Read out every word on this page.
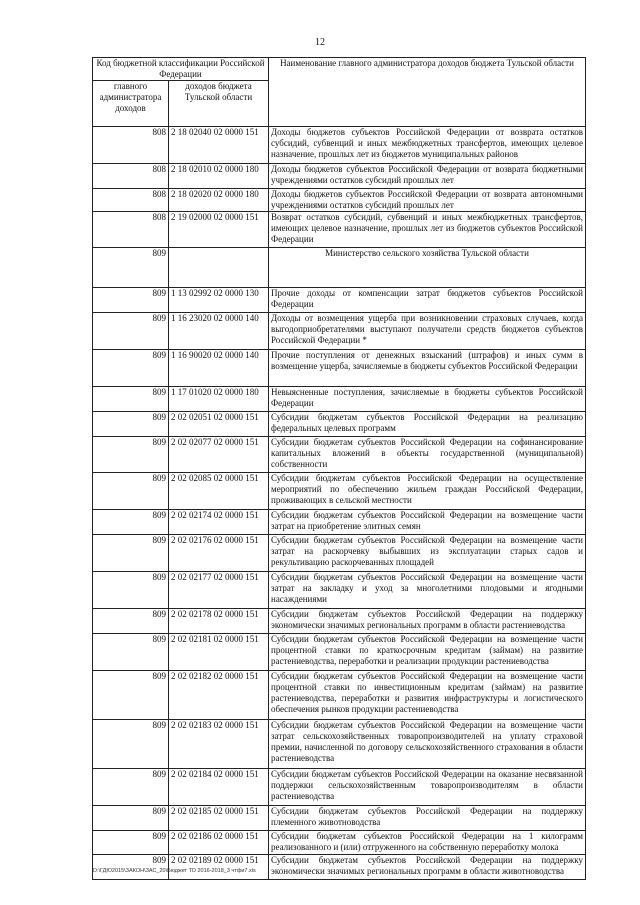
12
Код бюджетной классификации Российской Федерации		Наименование главного администратора доходов бюджета Тульской области
главного администратора доходов	доходов бюджета Тульской области	
808	2 18 02040 02 0000 151	Доходы бюджетов субъектов Российской Федерации от возврата остатков субсидий, субвенций и иных межбюджетных трансфертов, имеющих целевое назначение, прошлых лет из бюджетов муниципальных районов
808	2 18 02010 02 0000 180	Доходы бюджетов субъектов Российской Федерации от возврата бюджетными учреждениями остатков субсидий прошлых лет
808	2 18 02020 02 0000 180	Доходы бюджетов субъектов Российской Федерации от возврата автономными учреждениями остатков субсидий прошлых лет
808	2 19 02000 02 0000 151	Возврат остатков субсидий, субвенций и иных межбюджетных трансфертов, имеющих целевое назначение, прошлых лет из бюджетов субъектов Российской Федерации
809		Министерство сельского хозяйства Тульской области
809	1 13 02992 02 0000 130	Прочие доходы от компенсации затрат бюджетов субъектов Российской Федерации
809	1 16 23020 02 0000 140	Доходы от возмещения ущерба при возникновении страховых случаев, когда выгодоприобретателями выступают получатели средств бюджетов субъектов Российской Федерации *
809	1 16 90020 02 0000 140	Прочие поступления от денежных взысканий (штрафов) и иных сумм в возмещение ущерба, зачисляемые в бюджеты субъектов Российской Федерации
809	1 17 01020 02 0000 180	Невыясненные поступления, зачисляемые в бюджеты субъектов Российской Федерации
809	2 02 02051 02 0000 151	Субсидии бюджетам субъектов Российской Федерации на реализацию федеральных целевых программ
809	2 02 02077 02 0000 151	Субсидии бюджетам субъектов Российской Федерации на софинансирование капитальных вложений в объекты государственной (муниципальной) собственности
809	2 02 02085 02 0000 151	Субсидии бюджетам субъектов Российской Федерации на осуществление мероприятий по обеспечению жильем граждан Российской Федерации, проживающих в сельской местности
809	2 02 02174 02 0000 151	Субсидии бюджетам субъектов Российской Федерации на возмещение части затрат на приобретение элитных семян
809	2 02 02176 02 0000 151	Субсидии бюджетам субъектов Российской Федерации на возмещение части затрат на раскорчевку выбывших из эксплуатации старых садов и рекультивацию раскорчеванных площадей
809	2 02 02177 02 0000 151	Субсидии бюджетам субъектов Российской Федерации на возмещение части затрат на закладку и уход за многолетними плодовыми и ягодными насаждениями
809	2 02 02178 02 0000 151	Субсидии бюджетам субъектов Российской Федерации на поддержку экономически значимых региональных программ в области растениеводства
809	2 02 02181 02 0000 151	Субсидии бюджетам субъектов Российской Федерации на возмещение части процентной ставки по краткосрочным кредитам (займам) на развитие растениеводства, переработки и реализации продукции растениеводства
809	2 02 02182 02 0000 151	Субсидии бюджетам субъектов Российской Федерации на возмещение части процентной ставки по инвестиционным кредитам (займам) на развитие растениеводства, переработки и развития инфраструктуры и логистического обеспечения рынков продукции растениеводства
809	2 02 02183 02 0000 151	Субсидии бюджетам субъектов Российской Федерации на возмещение части затрат сельскохозяйственных товаропроизводителей на уплату страховой премии, начисленной по договору сельскохозяйственного страхования в области растениеводства
809	2 02 02184 02 0000 151	Субсидии бюджетам субъектов Российской Федерации на оказание несвязанной поддержки сельскохозяйственным товаропроизводителям в области растениеводства
809	2 02 02185 02 0000 151	Субсидии бюджетам субъектов Российской Федерации на поддержку племенного животноводства
809	2 02 02186 02 0000 151	Субсидии бюджетам субъектов Российской Федерации на 1 килограмм реализованного и (или) отгруженного на собственную переработку молока
809	2 02 02189 02 0000 151	Субсидии бюджетам субъектов Российской Федерации на поддержку экономически значимых региональных программ в области животноводства
D:\ГДЮ2015\ЗАКОН\ЗАС_20\Бюджет ТО 2016-2018_3 чтфи7.xls
